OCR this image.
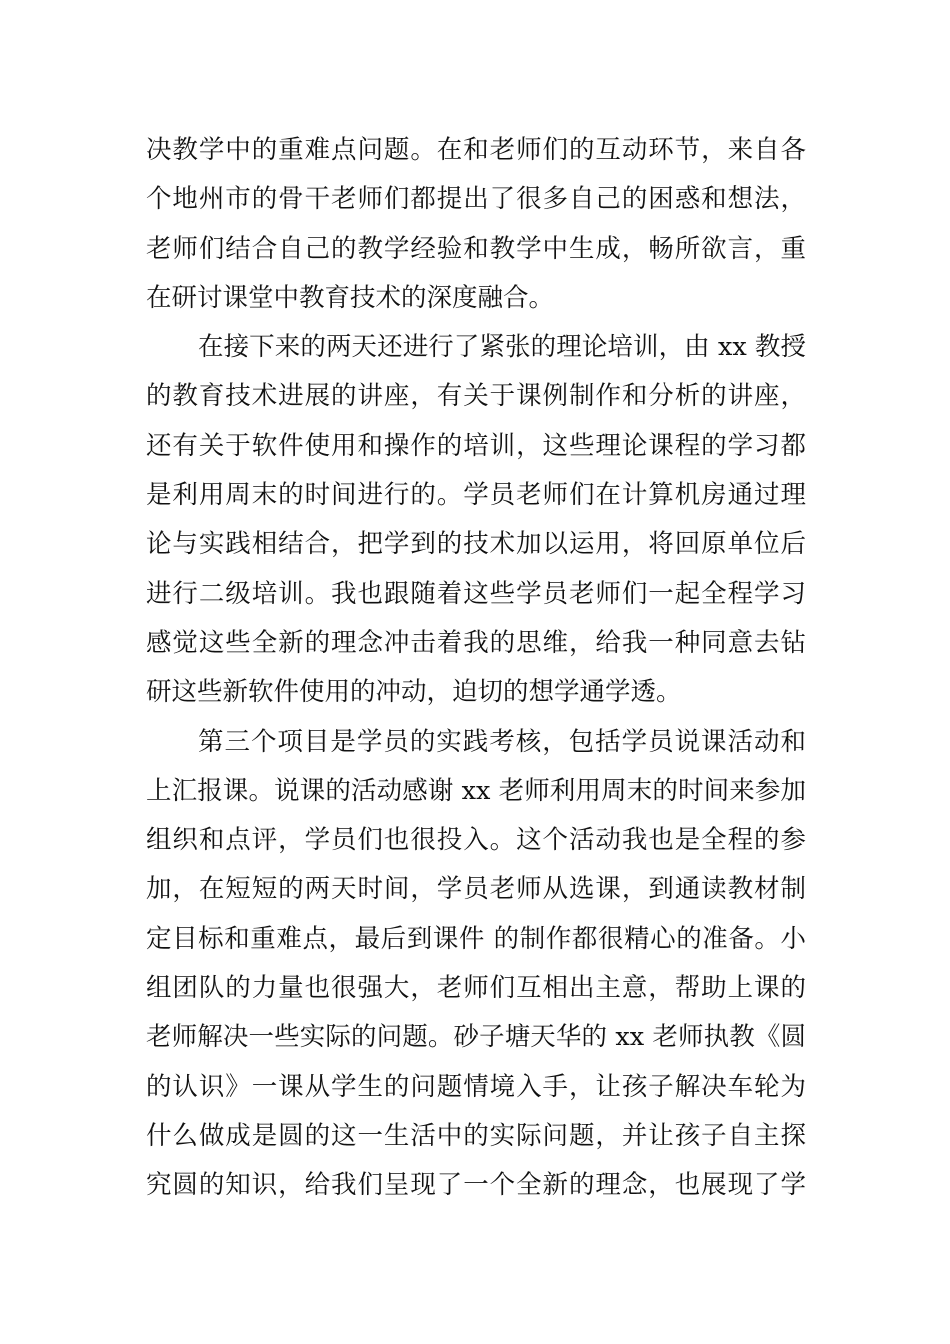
决教学中的重难点问题。在和老师们的互动环节，来自各
个地州市的骨干老师们都提出了很多自己的困惑和想法，
老师们结合自己的教学经验和教学中生成，畅所欲言，重
在研讨课堂中教育技术的深度融合。
在接下来的两天还进行了紧张的理论培训，由 xx 教授
的教育技术进展的讲座，有关于课例制作和分析的讲座，
还有关于软件使用和操作的培训，这些理论课程的学习都
是利用周末的时间进行的。学员老师们在计算机房通过理
论与实践相结合，把学到的技术加以运用，将回原单位后
进行二级培训。我也跟随着这些学员老师们一起全程学习
感觉这些全新的理念冲击着我的思维，给我一种同意去钻
研这些新软件使用的冲动，迫切的想学通学透。
第三个项目是学员的实践考核，包括学员说课活动和
上汇报课。说课的活动感谢 xx 老师利用周末的时间来参加
组织和点评，学员们也很投入。这个活动我也是全程的参
加，在短短的两天时间，学员老师从选课，到通读教材制
定目标和重难点，最后到课件 的制作都很精心的准备。小
组团队的力量也很强大，老师们互相出主意，帮助上课的
老师解决一些实际的问题。砂子塘天华的 xx 老师执教《圆
的认识》一课从学生的问题情境入手，让孩子解决车轮为
什么做成是圆的这一生活中的实际问题，并让孩子自主探
究圆的知识，给我们呈现了一个全新的理念，也展现了学
